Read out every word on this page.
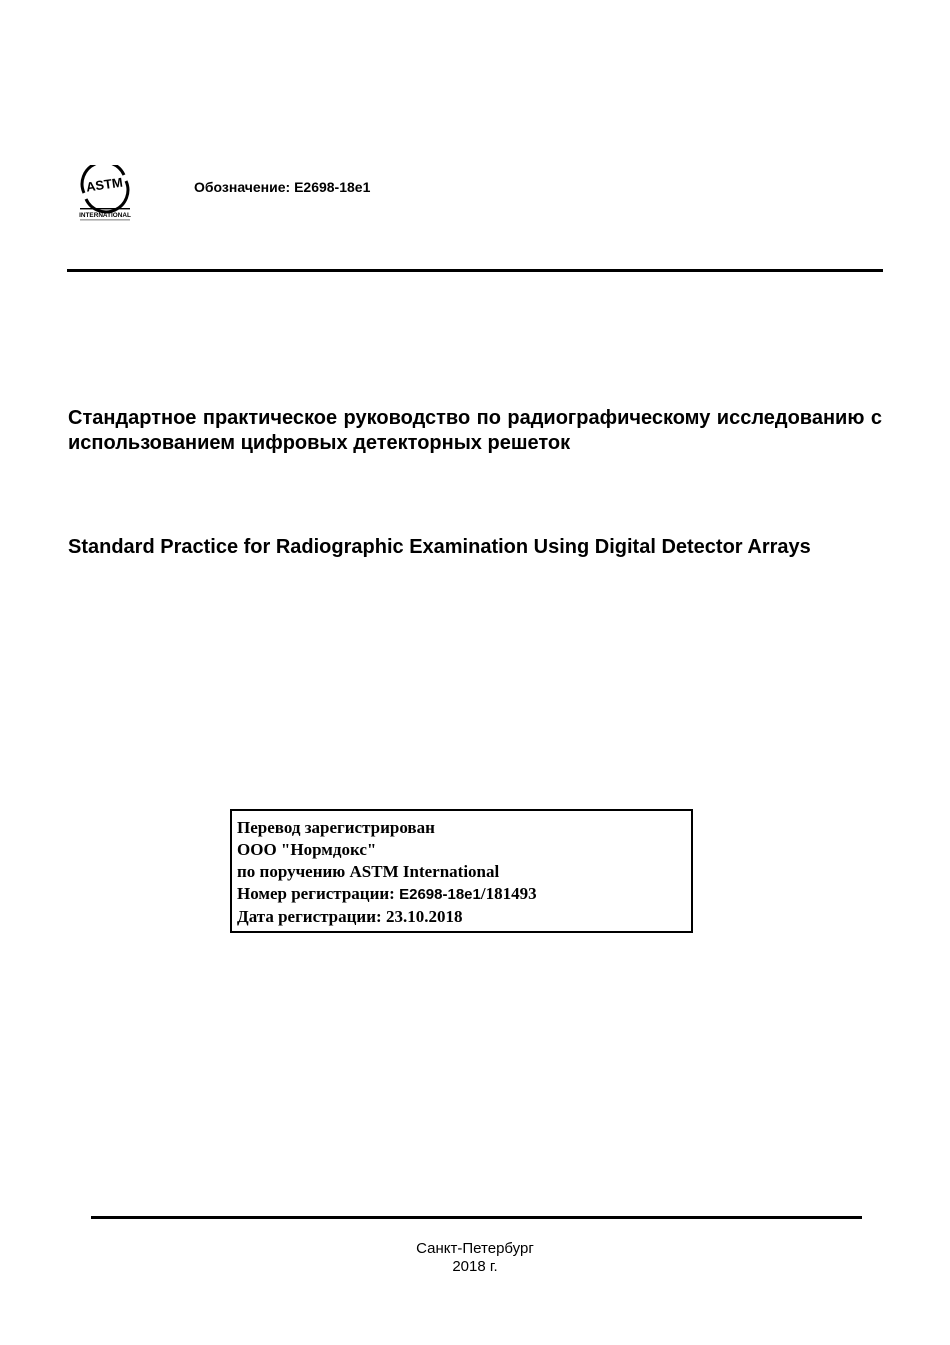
ASTM
INTERNATIONAL
Обозначение: E2698-18e1
Стандартное практическое руководство по радиографическому исследованию с использованием цифровых детекторных решеток
Standard Practice for Radiographic Examination Using Digital Detector Arrays
Перевод зарегистрирован
ООО "Нормдокс"
по поручению ASTM International
Номер регистрации: E2698-18e1/181493
Дата регистрации: 23.10.2018
Санкт-Петербург
2018 г.
